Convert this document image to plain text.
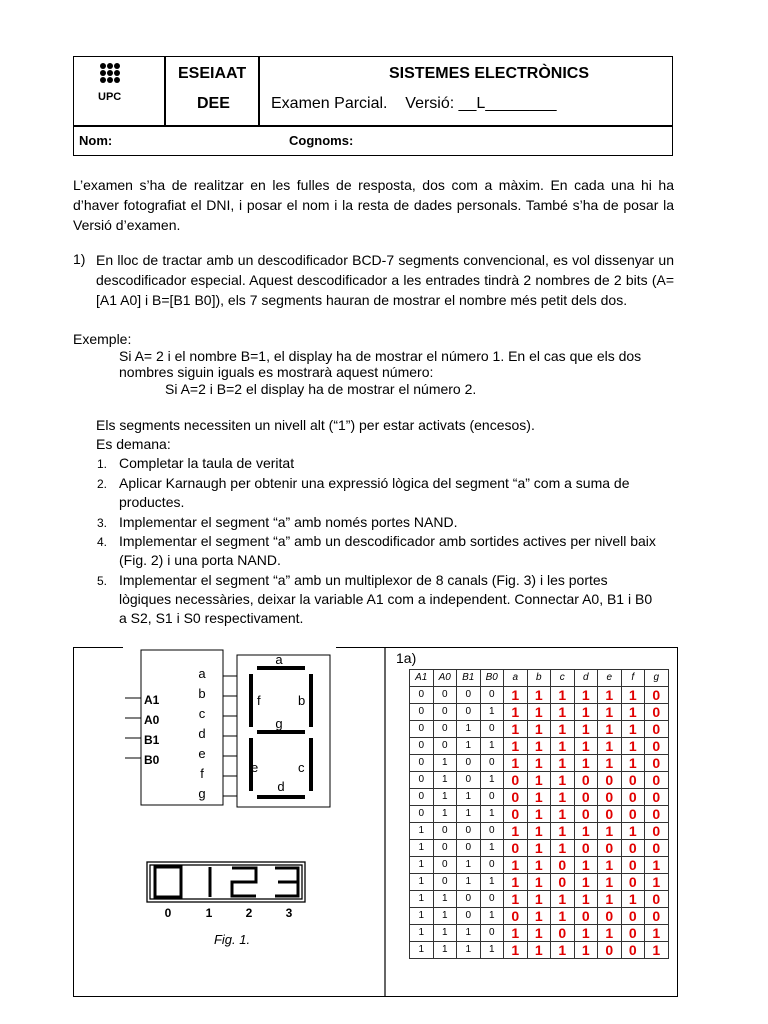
UPC
ESEIAAT
DEE
SISTEMES ELECTRÒNICS
Examen Parcial.    Versió: __L________
Nom:	Cognoms:
L’examen s’ha de realitzar en les fulles de resposta, dos com a màxim. En cada una hi ha d’haver fotografiat el DNI, i posar el nom i la resta de dades personals. També s’ha de posar la Versió d’examen.
1) En lloc de tractar amb un descodificador BCD-7 segments convencional, es vol dissenyar un descodificador especial. Aquest descodificador a les entrades tindrà 2 nombres de 2 bits (A=[A1 A0] i B=[B1 B0]), els 7 segments hauran de mostrar el nombre més petit dels dos.
Exemple:
Si A= 2 i el nombre B=1, el display ha de mostrar el número 1. En el cas que els dos
nombres siguin iguals es mostrarà aquest número:
Si A=2 i B=2 el display ha de mostrar el número 2.
Els segments necessiten un nivell alt (“1”) per estar activats (encesos).
Es demana:
1. Completar la taula de veritat
2. Aplicar Karnaugh per obtenir una expressió lògica del segment “a” com a suma de
productes.
3. Implementar el segment “a” amb només portes NAND.
4. Implementar el segment “a” amb un descodificador amb sortides actives per nivell baix
(Fig. 2) i una porta NAND.
5. Implementar el segment “a” amb un multiplexor de 8 canals (Fig. 3) i les portes
lògiques necessàries, deixar la variable A1 com a independent. Connectar A0, B1 i B0
a S2, S1 i S0 respectivament.
A1
A0
B1
B0
a
b
c
d
e
f
g
a
f	b
g
e	c
d
0	1	2	3
Fig. 1.
1a)
A1	A0	B1	B0	a	b	c	d	e	f	g
0	0	0	0	1	1	1	1	1	1	0
0	0	0	1	1	1	1	1	1	1	0
0	0	1	0	1	1	1	1	1	1	0
0	0	1	1	1	1	1	1	1	1	0
0	1	0	0	1	1	1	1	1	1	0
0	1	0	1	0	1	1	0	0	0	0
0	1	1	0	0	1	1	0	0	0	0
0	1	1	1	0	1	1	0	0	0	0
1	0	0	0	1	1	1	1	1	1	0
1	0	0	1	0	1	1	0	0	0	0
1	0	1	0	1	1	0	1	1	0	1
1	0	1	1	1	1	0	1	1	0	1
1	1	0	0	1	1	1	1	1	1	0
1	1	0	1	0	1	1	0	0	0	0
1	1	1	0	1	1	0	1	1	0	1
1	1	1	1	1	1	1	1	0	0	1
